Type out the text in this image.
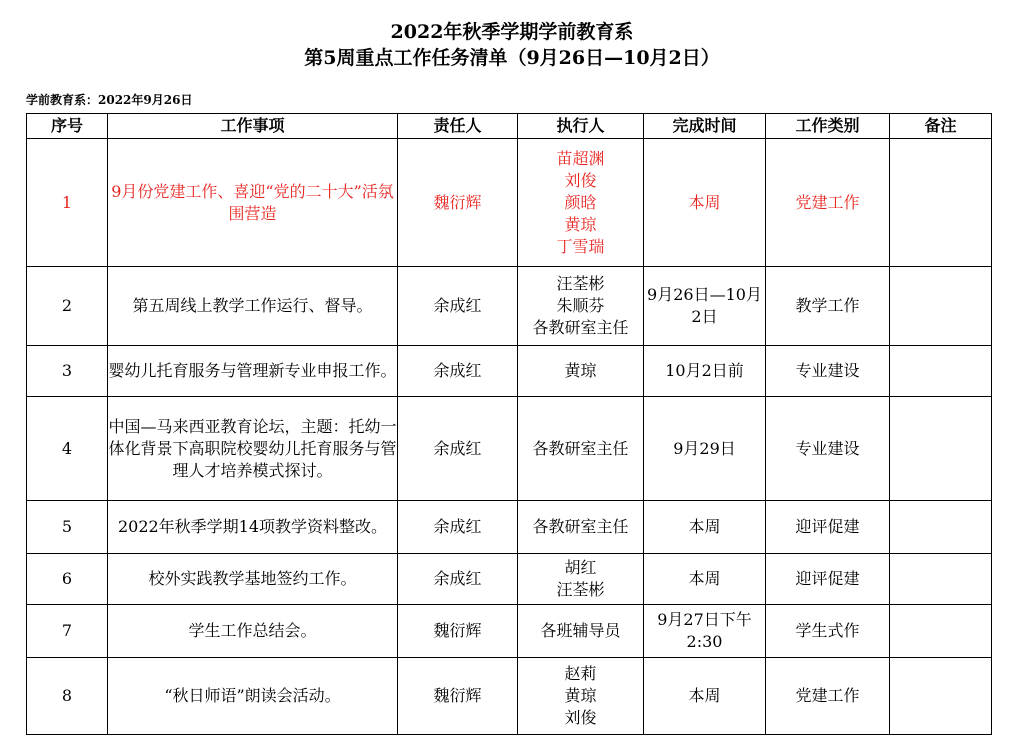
2022年秋季学期学前教育系
第5周重点工作任务清单（9月26日—10月2日）
学前教育系：2022年9月26日
序号	工作事项	责任人	执行人	完成时间	工作类别	备注
1	9月份党建工作、喜迎“党的二十大”活氛围营造	魏衍辉	苗超渊
刘俊
颜晗
黄琼
丁雪瑞	本周	党建工作	
2	第五周线上教学工作运行、督导。	余成红	汪荃彬
朱顺芬
各教研室主任	9月26日—10月2日	教学工作	
3	婴幼儿托育服务与管理新专业申报工作。	余成红	黄琼	10月2日前	专业建设	
4	中国—马来西亚教育论坛，主题：托幼一体化背景下高职院校婴幼儿托育服务与管理人才培养模式探讨。	余成红	各教研室主任	9月29日	专业建设	
5	2022年秋季学期14项教学资料整改。	余成红	各教研室主任	本周	迎评促建	
6	校外实践教学基地签约工作。	余成红	胡红
汪荃彬	本周	迎评促建	
7	学生工作总结会。	魏衍辉	各班辅导员	9月27日下午2:30	学生式作	
8	“秋日师语”朗读会活动。	魏衍辉	赵莉
黄琼
刘俊	本周	党建工作	
